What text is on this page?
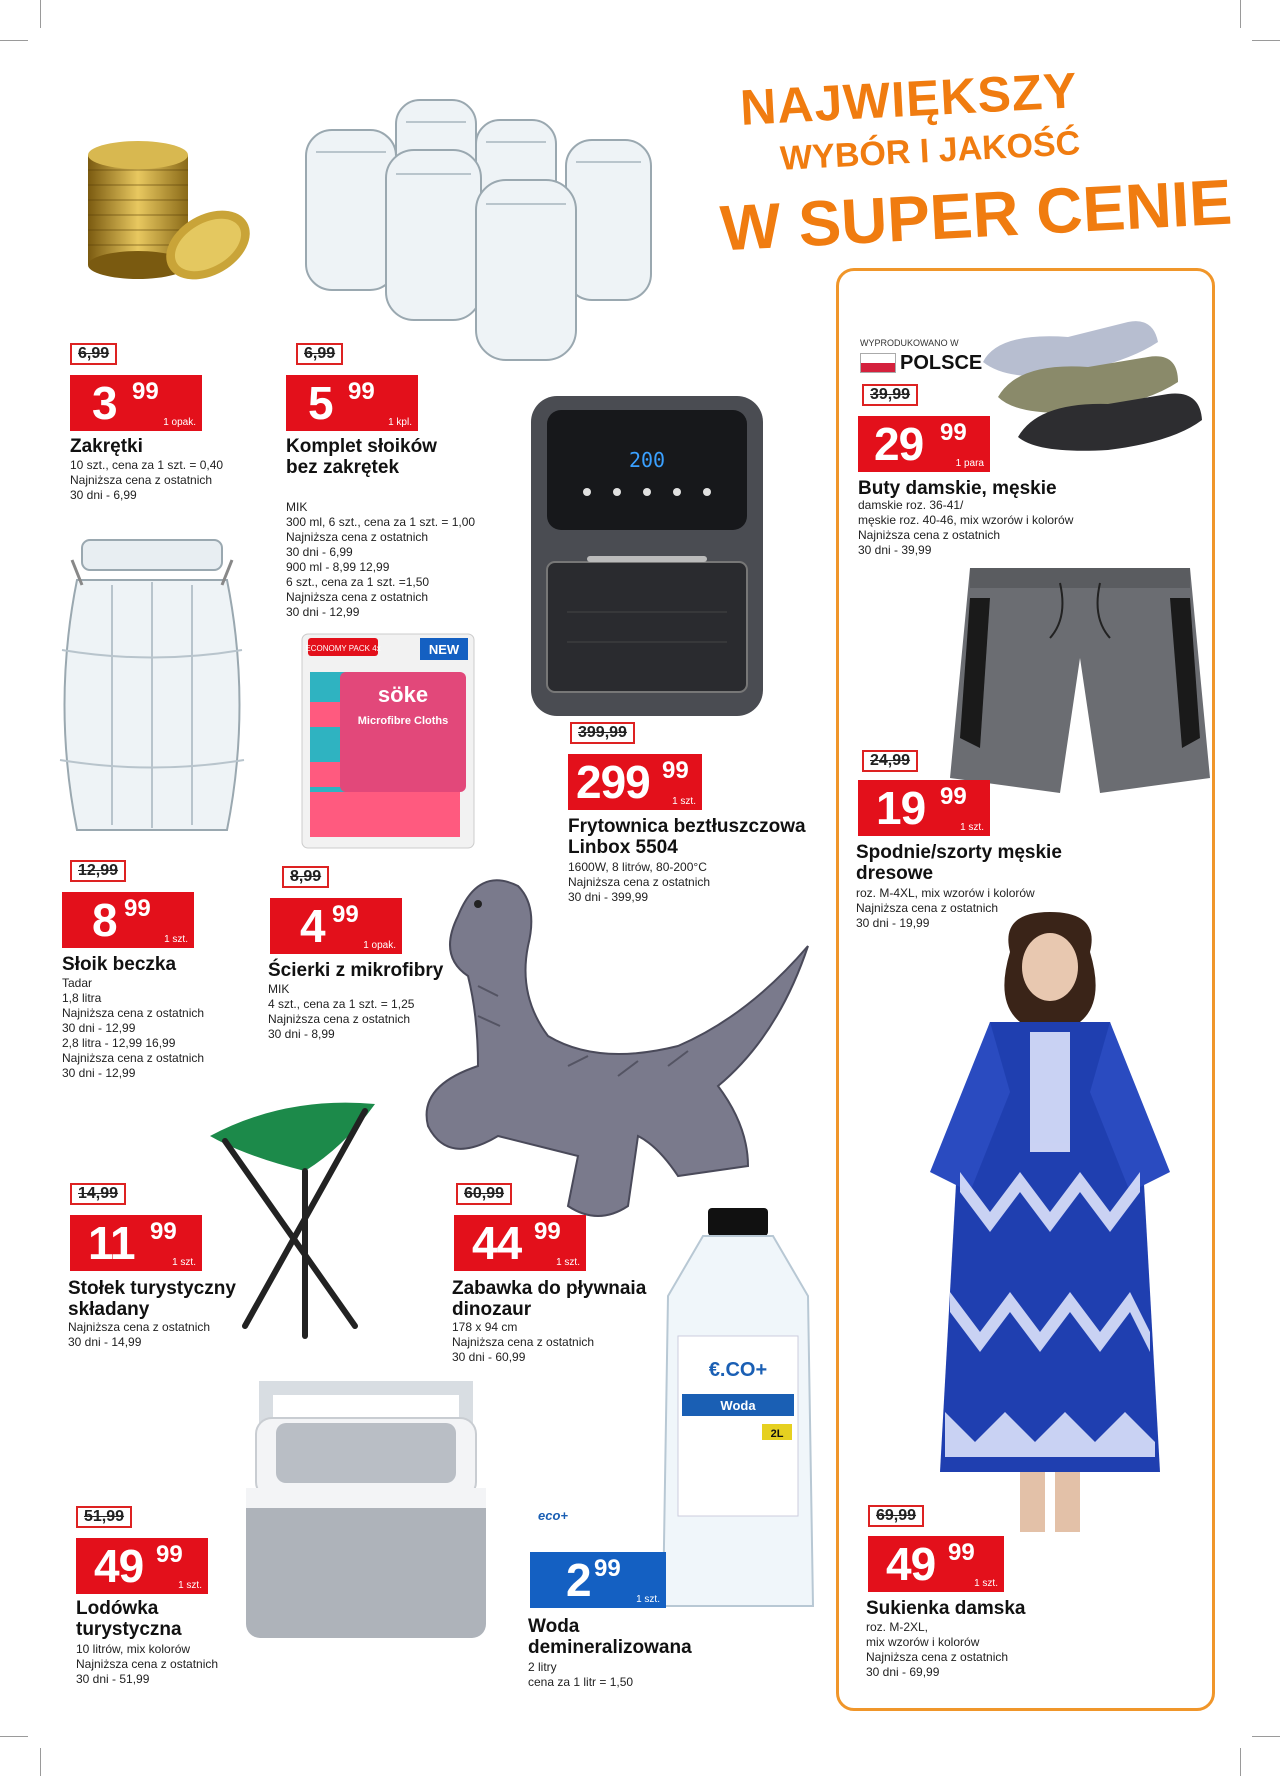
NAJWIĘKSZY
WYBÓR I JAKOŚĆ
W SUPER CENIE
200
ECONOMY PACK 4x	NEW
söke
Microfibre Cloths
€.CO+
Woda
2L
WYPRODUKOWANO W
POLSCE
eco+
6,99
3 99
1 opak.
Zakrętki
10 szt., cena za 1 szt. = 0,40
Najniższa cena z ostatnich
30 dni - 6,99
6,99
5 99
1 kpl.
Komplet słoików
bez zakrętek
MIK
300 ml, 6 szt., cena za 1 szt. = 1,00
Najniższa cena z ostatnich
30 dni - 6,99
900 ml - 8,99 12,99
6 szt., cena za 1 szt. =1,50
Najniższa cena z ostatnich
30 dni - 12,99
399,99
299 99
1 szt.
Frytownica beztłuszczowa
Linbox 5504
1600W, 8 litrów, 80-200°C
Najniższa cena z ostatnich
30 dni - 399,99
39,99
29 99
1 para
Buty damskie, męskie
damskie roz. 36-41/
męskie roz. 40-46, mix wzorów i kolorów
Najniższa cena z ostatnich
30 dni - 39,99
12,99
8 99
1 szt.
Słoik beczka
Tadar
1,8 litra
Najniższa cena z ostatnich
30 dni - 12,99
2,8 litra - 12,99 16,99
Najniższa cena z ostatnich
30 dni - 12,99
8,99
4 99
1 opak.
Ścierki z mikrofibry
MIK
4 szt., cena za 1 szt. = 1,25
Najniższa cena z ostatnich
30 dni - 8,99
24,99
19 99
1 szt.
Spodnie/szorty męskie
dresowe
roz. M-4XL, mix wzorów i kolorów
Najniższa cena z ostatnich
30 dni - 19,99
14,99
11 99
1 szt.
Stołek turystyczny
składany
Najniższa cena z ostatnich
30 dni - 14,99
60,99
44 99
1 szt.
Zabawka do pływnaia
dinozaur
178 x 94 cm
Najniższa cena z ostatnich
30 dni - 60,99
51,99
49 99
1 szt.
Lodówka
turystyczna
10 litrów, mix kolorów
Najniższa cena z ostatnich
30 dni - 51,99
2 99
1 szt.
Woda
demineralizowana
2 litry
cena za 1 litr = 1,50
69,99
49 99
1 szt.
Sukienka damska
roz. M-2XL,
mix wzorów i kolorów
Najniższa cena z ostatnich
30 dni - 69,99
